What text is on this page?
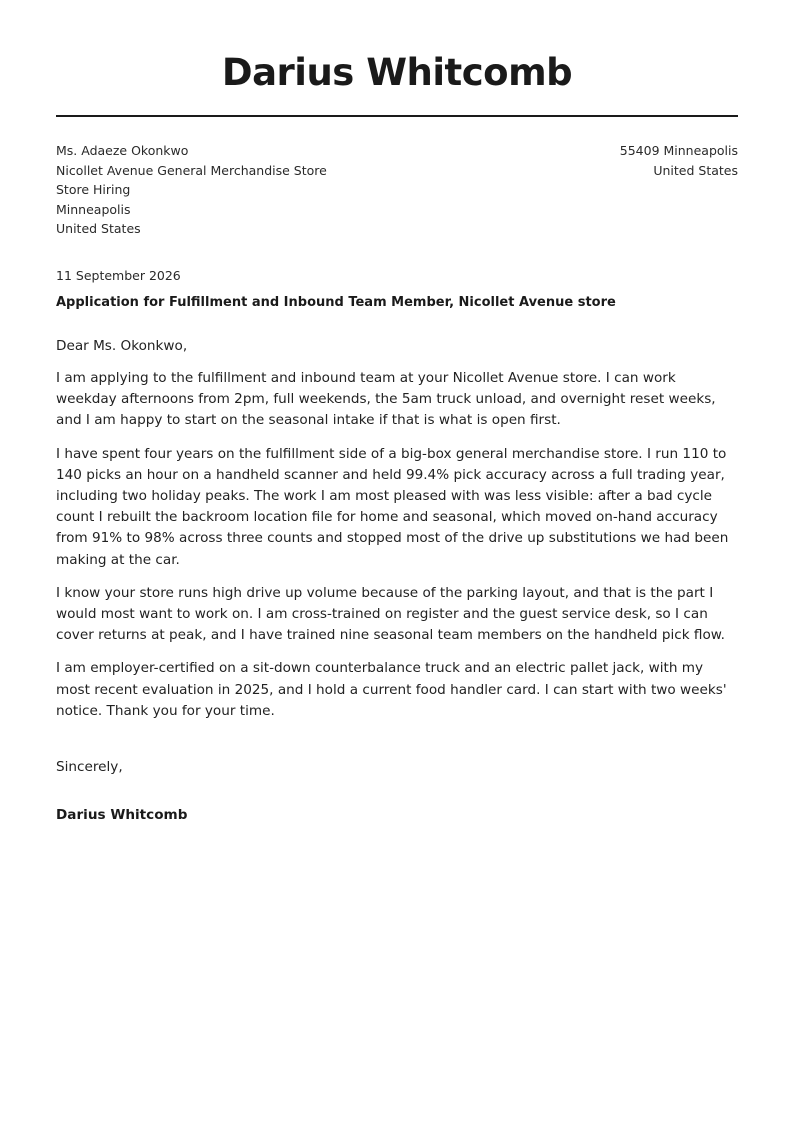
Darius Whitcomb
Ms. Adaeze Okonkwo
Nicollet Avenue General Merchandise Store
Store Hiring
Minneapolis
United States
55409 Minneapolis
United States
11 September 2026
Application for Fulfillment and Inbound Team Member, Nicollet Avenue store
Dear Ms. Okonkwo,

I am applying to the fulfillment and inbound team at your Nicollet Avenue store. I can work weekday afternoons from 2pm, full weekends, the 5am truck unload, and overnight reset weeks, and I am happy to start on the seasonal intake if that is what is open first.

I have spent four years on the fulfillment side of a big-box general merchandise store. I run 110 to 140 picks an hour on a handheld scanner and held 99.4% pick accuracy across a full trading year, including two holiday peaks. The work I am most pleased with was less visible: after a bad cycle count I rebuilt the backroom location file for home and seasonal, which moved on-hand accuracy from 91% to 98% across three counts and stopped most of the drive up substitutions we had been making at the car.

I know your store runs high drive up volume because of the parking layout, and that is the part I would most want to work on. I am cross-trained on register and the guest service desk, so I can cover returns at peak, and I have trained nine seasonal team members on the handheld pick flow.

I am employer-certified on a sit-down counterbalance truck and an electric pallet jack, with my most recent evaluation in 2025, and I hold a current food handler card. I can start with two weeks' notice. Thank you for your time.

Sincerely,
Darius Whitcomb
